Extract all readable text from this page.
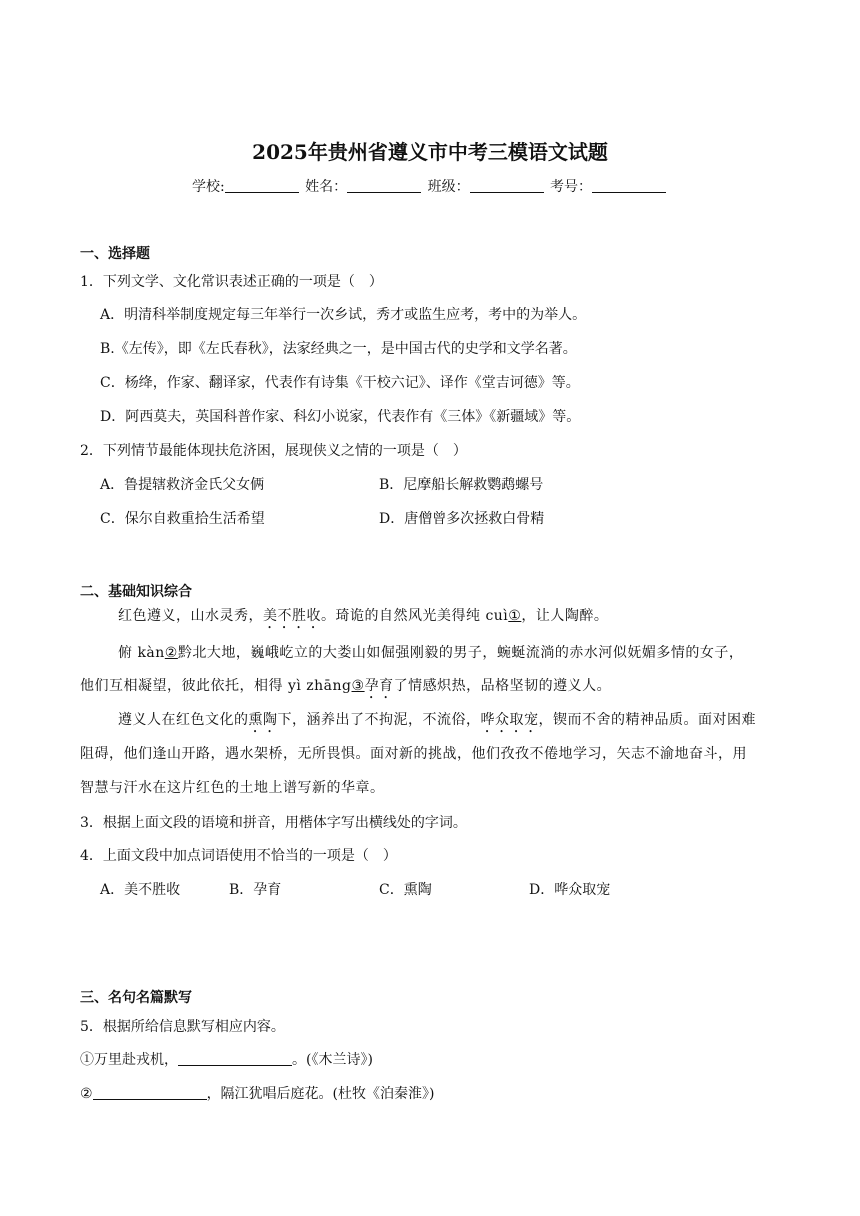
2025年贵州省遵义市中考三模语文试题
学校:	姓名：	班级：	考号：
一、选择题
1．下列文学、文化常识表述正确的一项是（　）
A．明清科举制度规定每三年举行一次乡试，秀才或监生应考，考中的为举人。
B.《左传》，即《左氏春秋》，法家经典之一，是中国古代的史学和文学名著。
C．杨绛，作家、翻译家，代表作有诗集《干校六记》、译作《堂吉诃德》等。
D．阿西莫夫，英国科普作家、科幻小说家，代表作有《三体》《新疆域》等。
2．下列情节最能体现扶危济困，展现侠义之情的一项是（　）
A．鲁提辖救济金氏父女俩	B．尼摩船长解救鹦鹉螺号
C．保尔自救重拾生活希望	D．唐僧曾多次拯救白骨精
二、基础知识综合
红色遵义，山水灵秀，美不胜收。琦诡的自然风光美得纯 cuì①，让人陶醉。
俯 kàn②黔北大地，巍峨屹立的大娄山如倔强刚毅的男子，蜿蜒流淌的赤水河似妩媚多情的女子，
他们互相凝望，彼此依托，相得 yì zhāng③孕育了情感炽热，品格坚韧的遵义人。
遵义人在红色文化的熏陶下，涵养出了不拘泥，不流俗，哗众取宠，锲而不舍的精神品质。面对困难
阻碍，他们逢山开路，遇水架桥，无所畏惧。面对新的挑战，他们孜孜不倦地学习，矢志不渝地奋斗，用
智慧与汗水在这片红色的土地上谱写新的华章。
3．根据上面文段的语境和拼音，用楷体字写出横线处的字词。
4．上面文段中加点词语使用不恰当的一项是（　）
A．美不胜收	B．孕育	C．熏陶	D．哗众取宠
三、名句名篇默写
5．根据所给信息默写相应内容。
①万里赴戎机，	。(《木兰诗》)
②	，隔江犹唱后庭花。(杜牧《泊秦淮》)
